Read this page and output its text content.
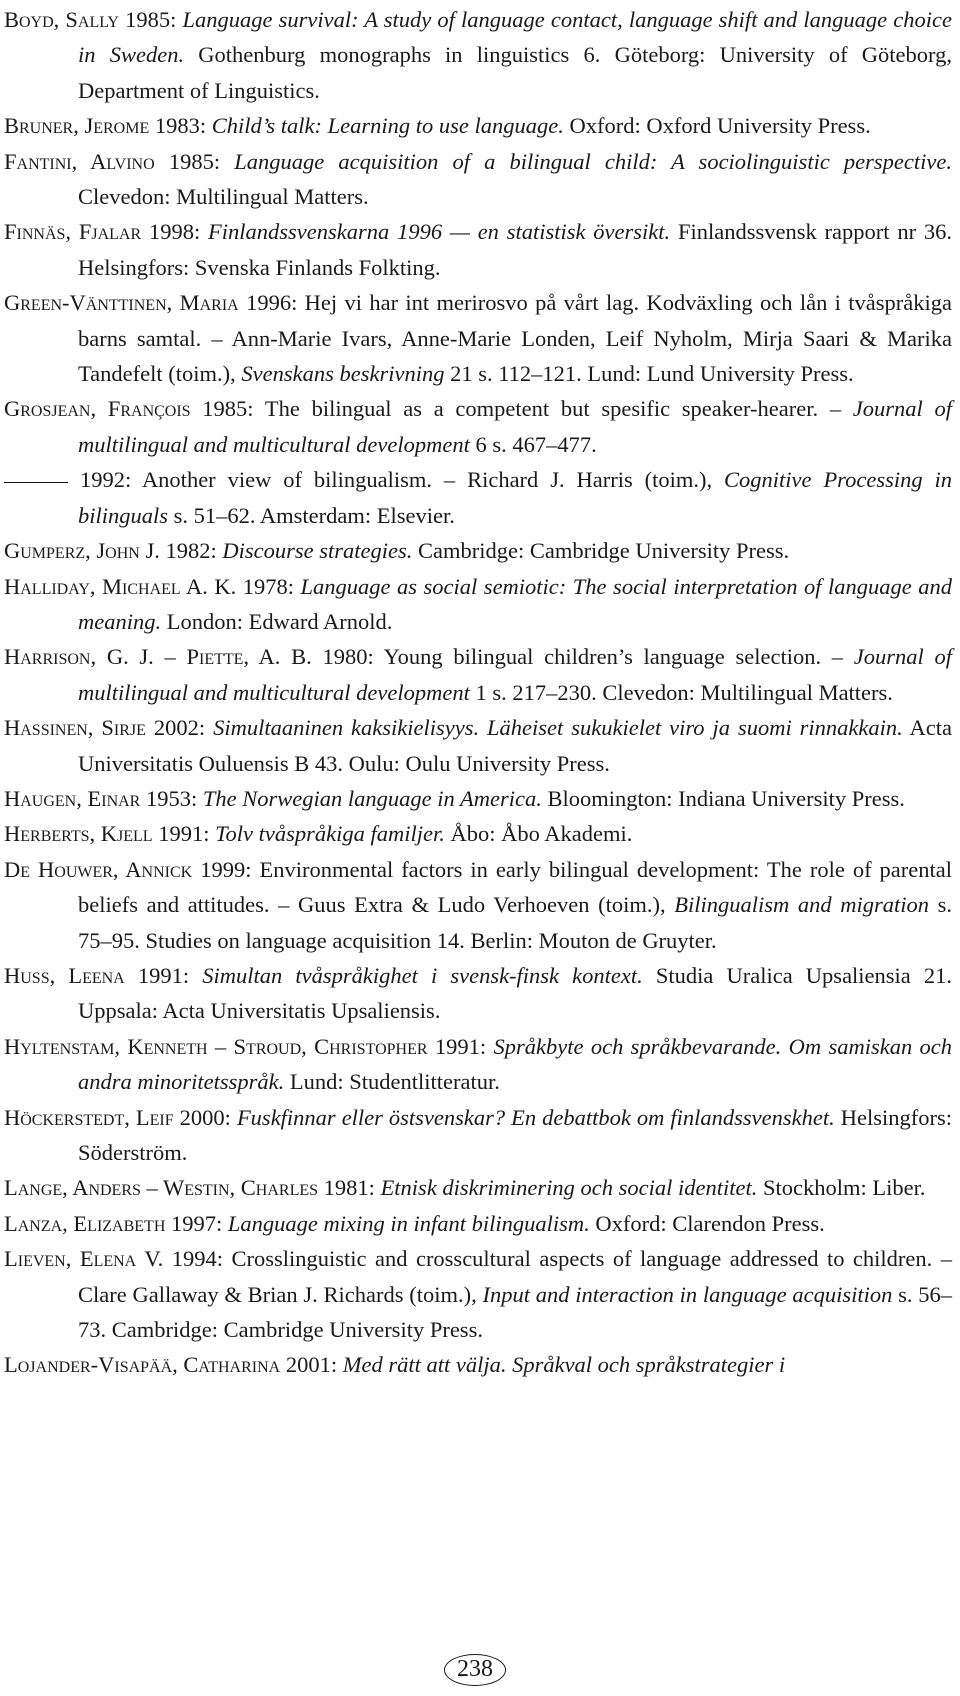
Boyd, Sally 1985: Language survival: A study of language contact, language shift and language choice in Sweden. Gothenburg monographs in linguistics 6. Göteborg: University of Göteborg, Department of Linguistics.
Bruner, Jerome 1983: Child’s talk: Learning to use language. Oxford: Oxford University Press.
Fantini, Alvino 1985: Language acquisition of a bilingual child: A sociolinguistic perspective. Clevedon: Multilingual Matters.
Finnäs, Fjalar 1998: Finlandssvenskarna 1996 — en statistisk översikt. Finlandssvensk rapport nr 36. Helsingfors: Svenska Finlands Folkting.
Green-Vänttinen, Maria 1996: Hej vi har int merirosvo på vårt lag. Kodväxling och lån i tvåspråkiga barns samtal. – Ann-Marie Ivars, Anne-Marie Londen, Leif Nyholm, Mirja Saari & Marika Tandefelt (toim.), Svenskans beskrivning 21 s. 112–121. Lund: Lund University Press.
Grosjean, François 1985: The bilingual as a competent but spesific speaker-hearer. – Journal of multilingual and multicultural development 6 s. 467–477.
1992: Another view of bilingualism. – Richard J. Harris (toim.), Cognitive Processing in bilinguals s. 51–62. Amsterdam: Elsevier.
Gumperz, John J. 1982: Discourse strategies. Cambridge: Cambridge University Press.
Halliday, Michael A. K. 1978: Language as social semiotic: The social interpretation of language and meaning. London: Edward Arnold.
Harrison, G. J. – Piette, A. B. 1980: Young bilingual children’s language selection. – Journal of multilingual and multicultural development 1 s. 217–230. Clevedon: Multilingual Matters.
Hassinen, Sirje 2002: Simultaaninen kaksikielisyys. Läheiset sukukielet viro ja suomi rinnakkain. Acta Universitatis Ouluensis B 43. Oulu: Oulu University Press.
Haugen, Einar 1953: The Norwegian language in America. Bloomington: Indiana University Press.
Herberts, Kjell 1991: Tolv tvåspråkiga familjer. Åbo: Åbo Akademi.
De Houwer, Annick 1999: Environmental factors in early bilingual development: The role of parental beliefs and attitudes. – Guus Extra & Ludo Verhoeven (toim.), Bilingualism and migration s. 75–95. Studies on language acquisition 14. Berlin: Mouton de Gruyter.
Huss, Leena 1991: Simultan tvåspråkighet i svensk-finsk kontext. Studia Uralica Upsaliensia 21. Uppsala: Acta Universitatis Upsaliensis.
Hyltenstam, Kenneth – Stroud, Christopher 1991: Språkbyte och språkbevarande. Om samiskan och andra minoritetsspråk. Lund: Studentlitteratur.
Höckerstedt, Leif 2000: Fuskfinnar eller östsvenskar? En debattbok om finlandssvenskhet. Helsingfors: Söderström.
Lange, Anders – Westin, Charles 1981: Etnisk diskriminering och social identitet. Stockholm: Liber.
Lanza, Elizabeth 1997: Language mixing in infant bilingualism. Oxford: Clarendon Press.
Lieven, Elena V. 1994: Crosslinguistic and crosscultural aspects of language addressed to children. – Clare Gallaway & Brian J. Richards (toim.), Input and interaction in language acquisition s. 56–73. Cambridge: Cambridge University Press.
Lojander-Visapää, Catharina 2001: Med rätt att välja. Språkval och språkstrategier i
238
